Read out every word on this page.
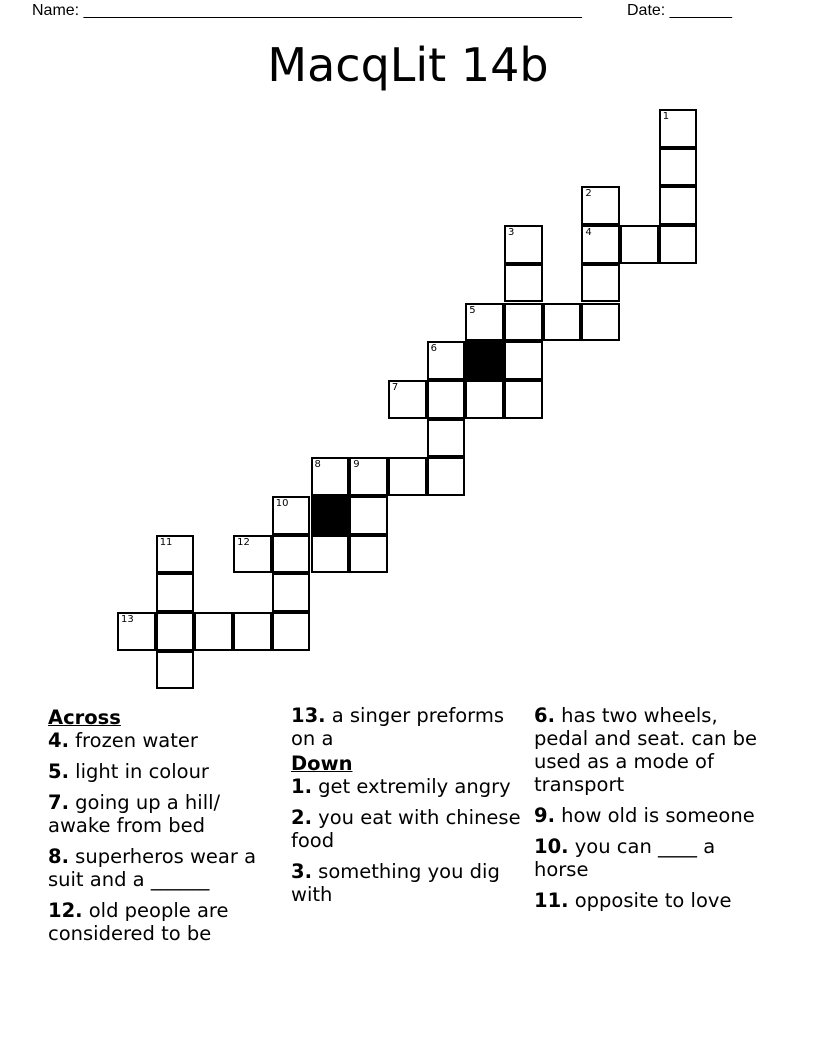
Name: ________________________________________________________	Date: _______
MacqLit 14b
1
2
3	4
5
6
7
8	9
10
11	12
13
Across
4. frozen water
5. light in colour
7. going up a hill/ awake from bed
8. superheros wear a suit and a ______
12. old people are considered to be
13. a singer preforms on a
Down
1. get extremily angry
2. you eat with chinese food
3. something you dig with
6. has two wheels, pedal and seat. can be used as a mode of transport
9. how old is someone
10. you can ____ a horse
11. opposite to love
